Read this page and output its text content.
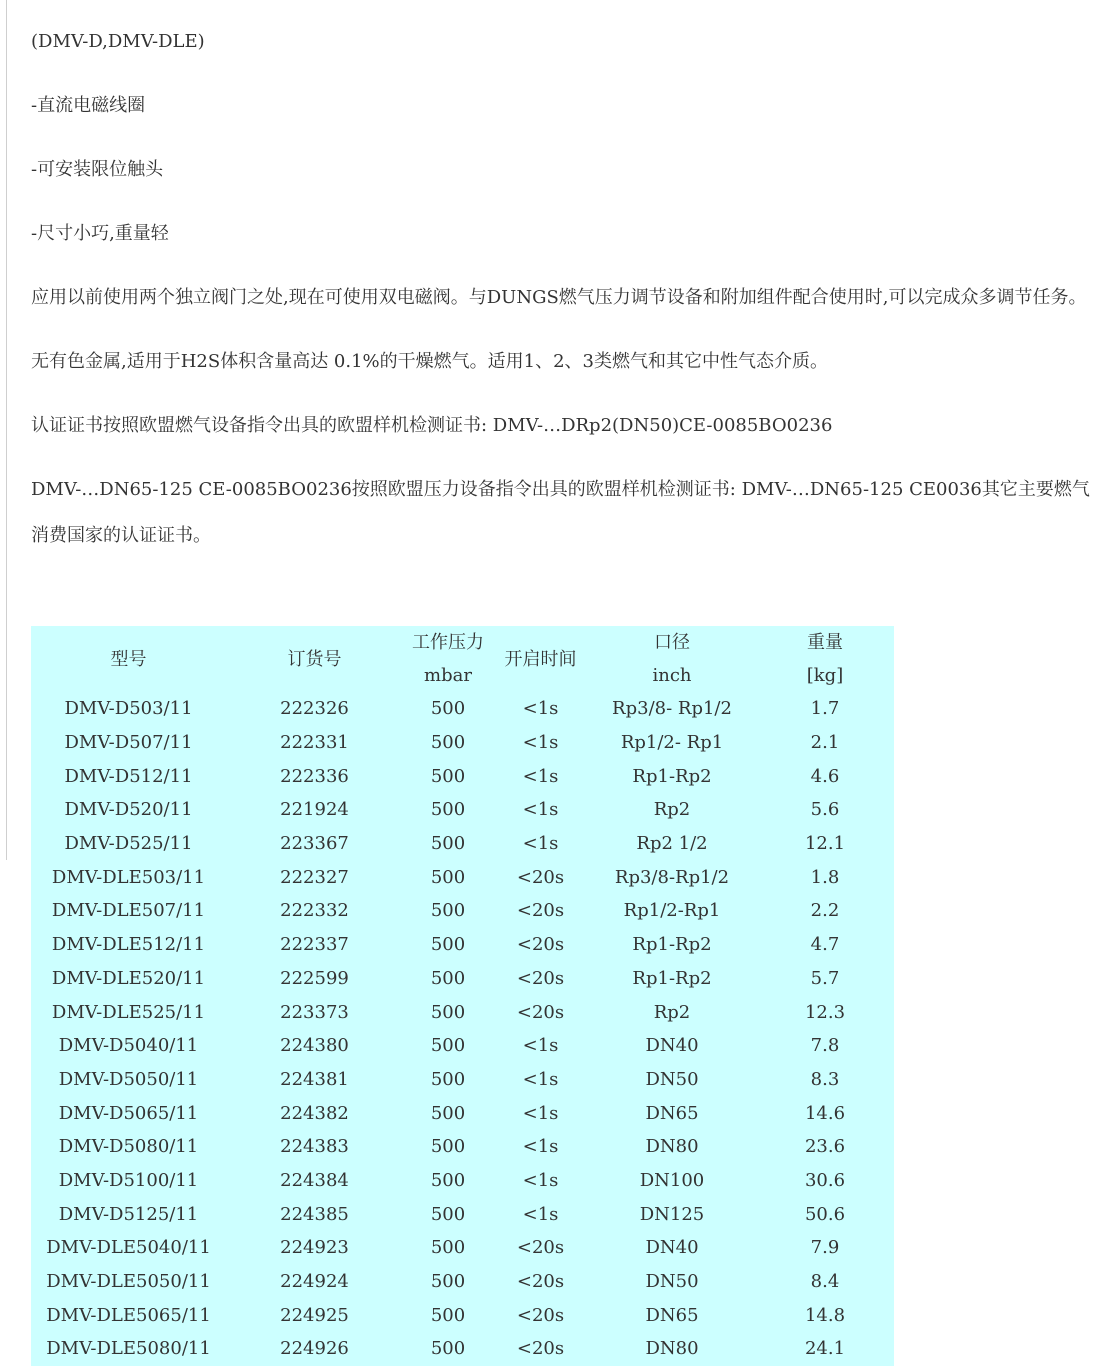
(DMV-D,DMV-DLE)

-直流电磁线圈

-可安装限位触头

-尺寸小巧,重量轻

应用以前使用两个独立阀门之处,现在可使用双电磁阀。与DUNGS燃气压力调节设备和附加组件配合使用时,可以完成众多调节任务。

无有色金属,适用于H2S体积含量高达 0.1%的干燥燃气。适用1、2、3类燃气和其它中性气态介质。

认证证书按照欧盟燃气设备指令出具的欧盟样机检测证书: DMV-…DRp2(DN50)CE-0085BO0236

DMV-…DN65-125 CE-0085BO0236按照欧盟压力设备指令出具的欧盟样机检测证书: DMV-…DN65-125 CE0036其它主要燃气消费国家的认证证书。

型号	订货号	工作压力	开启时间	口径	重量
		mbar		inch	[kg]
DMV-D503/11	222326	500	<1s	Rp3/8- Rp1/2	1.7
DMV-D507/11	222331	500	<1s	Rp1/2- Rp1	2.1
DMV-D512/11	222336	500	<1s	Rp1-Rp2	4.6
DMV-D520/11	221924	500	<1s	Rp2	5.6
DMV-D525/11	223367	500	<1s	Rp2 1/2	12.1
DMV-DLE503/11	222327	500	<20s	Rp3/8-Rp1/2	1.8
DMV-DLE507/11	222332	500	<20s	Rp1/2-Rp1	2.2
DMV-DLE512/11	222337	500	<20s	Rp1-Rp2	4.7
DMV-DLE520/11	222599	500	<20s	Rp1-Rp2	5.7
DMV-DLE525/11	223373	500	<20s	Rp2	12.3
DMV-D5040/11	224380	500	<1s	DN40	7.8
DMV-D5050/11	224381	500	<1s	DN50	8.3
DMV-D5065/11	224382	500	<1s	DN65	14.6
DMV-D5080/11	224383	500	<1s	DN80	23.6
DMV-D5100/11	224384	500	<1s	DN100	30.6
DMV-D5125/11	224385	500	<1s	DN125	50.6
DMV-DLE5040/11	224923	500	<20s	DN40	7.9
DMV-DLE5050/11	224924	500	<20s	DN50	8.4
DMV-DLE5065/11	224925	500	<20s	DN65	14.8
DMV-DLE5080/11	224926	500	<20s	DN80	24.1
